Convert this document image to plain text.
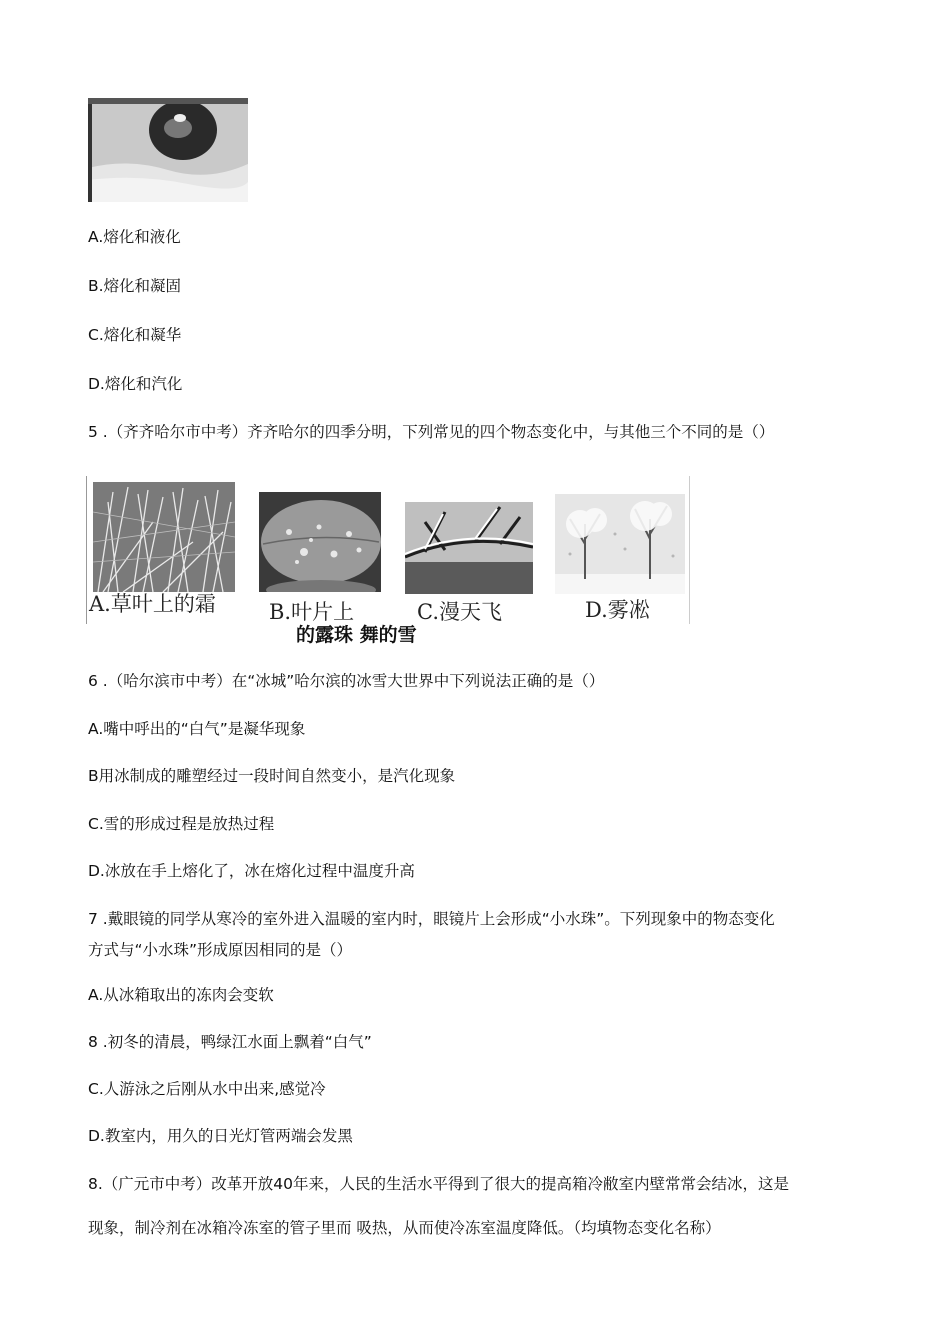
A.熔化和液化
B.熔化和凝固
C.熔化和凝华
D.熔化和汽化
5 .（齐齐哈尔市中考）齐齐哈尔的四季分明，下列常见的四个物态变化中，与其他三个不同的是（）
A.草叶上的霜	B.叶片上	C.漫天飞	D.雾凇
的露珠 舞的雪
6 .（哈尔滨市中考）在“冰城”哈尔滨的冰雪大世界中下列说法正确的是（）
A.嘴中呼出的“白气”是凝华现象
B用冰制成的雕塑经过一段时间自然变小，是汽化现象
C.雪的形成过程是放热过程
D.冰放在手上熔化了，冰在熔化过程中温度升高
7 .戴眼镜的同学从寒冷的室外进入温暖的室内时，眼镜片上会形成“小水珠”。下列现象中的物态变化
方式与“小水珠”形成原因相同的是（）
A.从冰箱取出的冻肉会变软
8 .初冬的清晨，鸭绿江水面上飘着“白气”
C.人游泳之后刚从水中出来,感觉冷
D.教室内，用久的日光灯管两端会发黑
8.（广元市中考）改革开放40年来，人民的生活水平得到了很大的提高箱冷敝室内壁常常会结冰，这是
现象，制冷剂在冰箱冷冻室的管子里而 吸热，从而使冷冻室温度降低。（均填物态变化名称）
